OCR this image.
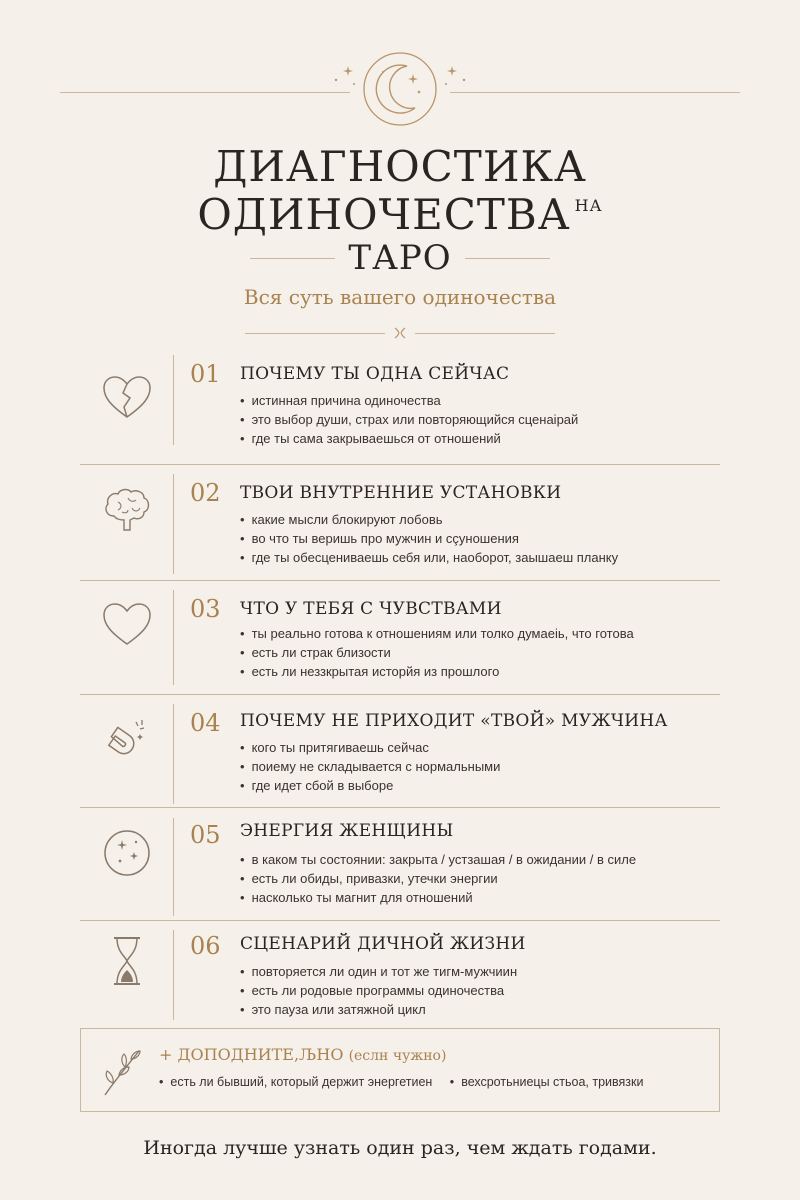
ДИАГНОСТИКА
ОДИНОЧЕСТВА $^{НА}$
ТАРО
Вся суть вашего одиночества
01 ПОЧЕМУ ТЫ ОДНА СЕЙЧАС
• истинная причина одиночества
• это выбор души, страх или повторяющийся сценаірай
• где ты сама закрываешься от отношений
02 ТВОИ ВНУТРЕННИЕ УСТАНОВКИ
• какие мысли блокируют лобовь
• во что ты веришь про мужчин и сçуношения
• где ты обесцениваешь себя или, наоборот, заышаеш планку
03 ЧТО У ТЕБЯ С ЧУВСТВАМИ
• ты реально готова к отношениям или толко думаеіь, что готова
• есть ли страк близости
• есть ли неззкрытая исторйя из прошлого
04 ПОЧЕМУ НЕ ПРИХОДИТ «ТВОЙ» МУЖЧИНА
• кого ты притягиваешь сейчас
• поиему не складывается с нормальными
• где идет сбой в выборе
05 ЭНЕРГИЯ ЖЕНЩИНЫ
• в каком ты состоянии: закрыта / устзашая / в ожидании / в силе
• есть ли обиды, привазки, утечки энергии
• насколько ты магнит для отношений
06 СЦЕНАРИЙ ДИЧНОЙ ЖИЗНИ
• повторяется ли один и тот же тигм-мужчиин
• есть ли родовые программы одиночества
• это пауза или затяжной цикл
+ ДОПОДНИТЕ,ЉНО (еслн чужно)
• есть ли бывший, который держит энергетиен • вехсротьниецы стьоа, тривязки
Иногда лучше узнать один раз, чем ждать годами.
